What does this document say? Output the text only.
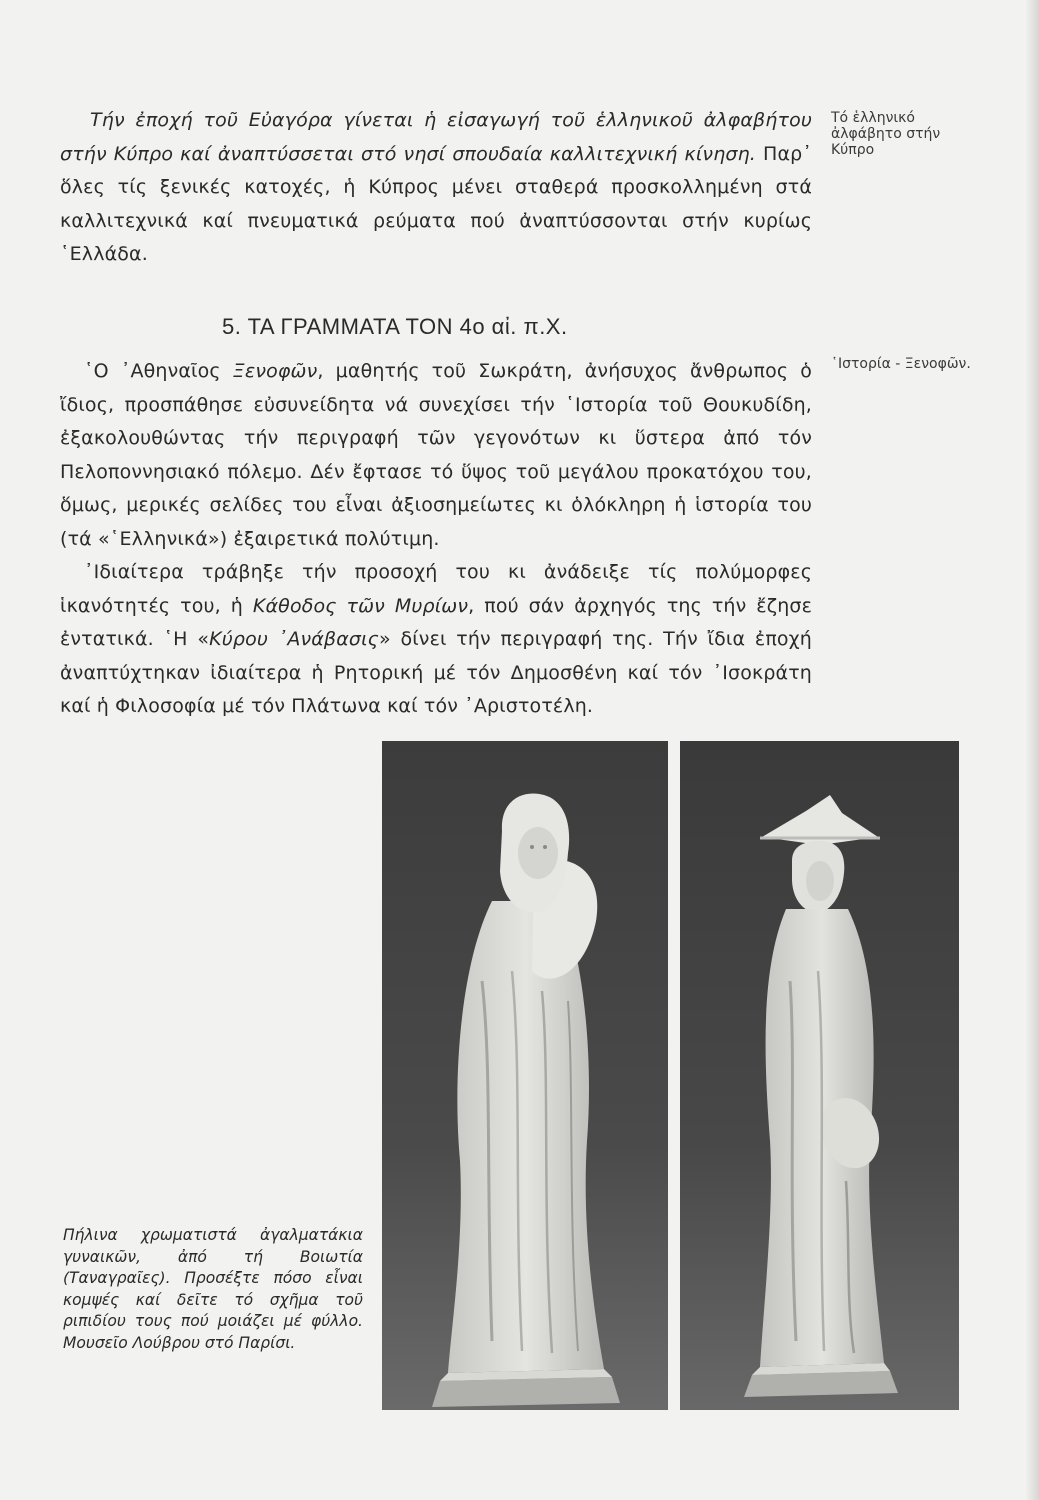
Τήν ἐποχή τοῦ Εὐαγόρα γίνεται ἡ εἰσαγωγή τοῦ ἑλληνικοῦ ἀλφαβήτου στήν Κύπρο καί ἀναπτύσσεται στό νησί σπουδαία καλλιτεχνική κίνηση. Παρ᾽ ὅλες τίς ξενικές κατοχές, ἡ Κύπρος μένει σταθερά προσκολλημένη στά καλλιτεχνικά καί πνευματικά ρεύματα πού ἀναπτύσσονται στήν κυρίως ῾Ελλάδα.

Τό ἑλληνικό ἀλφάβητο στήν Κύπρο
5. ΤΑ ΓΡΑΜΜΑΤΑ ΤΟΝ 4ο αἰ. π.Χ.
῾Ιστορία - Ξενοφῶν.

῾Ο ᾽Αθηναῖος Ξενοφῶν, μαθητής τοῦ Σωκράτη, ἀνήσυχος ἄνθρωπος ὁ ἴδιος, προσπάθησε εὐσυνείδητα νά συνεχίσει τήν ῾Ιστορία τοῦ Θουκυδίδη, ἐξακολουθώντας τήν περιγραφή τῶν γεγονότων κι ὕστερα ἀπό τόν Πελοποννησιακό πόλεμο. Δέν ἔφτασε τό ὕψος τοῦ μεγάλου προκατόχου του, ὅμως, μερικές σελίδες του εἶναι ἀξιοσημείωτες κι ὁλόκληρη ἡ ἱστορία του (τά «῾Ελληνικά») ἐξαιρετικά πολύτιμη.

᾽Ιδιαίτερα τράβηξε τήν προσοχή του κι ἀνάδειξε τίς πολύμορφες ἱκανότητές του, ἡ Κάθοδος τῶν Μυρίων, πού σάν ἀρχηγός της τήν ἔζησε ἐντατικά. ῾Η «Κύρου ᾽Ανάβασις» δίνει τήν περιγραφή της. Τήν ἴδια ἐποχή ἀναπτύχτηκαν ἰδιαίτερα ἡ Ρητορική μέ τόν Δημοσθένη καί τόν ᾽Ισοκράτη καί ἡ Φιλοσοφία μέ τόν Πλάτωνα καί τόν ᾽Αριστοτέλη.

Πήλινα χρωματιστά ἀγαλματάκια γυναικῶν, ἀπό τή Βοιωτία (Ταναγραῖες). Προσέξτε πόσο εἶναι κομψές καί δεῖτε τό σχῆμα τοῦ ριπιδίου τους πού μοιάζει μέ φύλλο. Μουσεῖο Λούβρου στό Παρίσι.
